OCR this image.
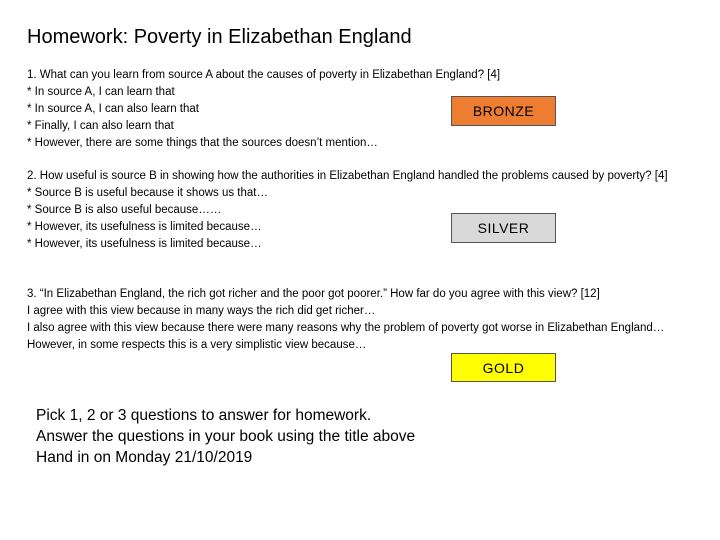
Homework: Poverty in Elizabethan England

1. What can you learn from source A about the causes of poverty in Elizabethan England? [4]

* In source A, I can learn that

* In source A, I can also learn that

* Finally, I can also learn that

* However, there are some things that the sources doesn’t mention…

BRONZE

2. How useful is source B in showing how the authorities in Elizabethan England handled the problems caused by poverty? [4]

* Source B is useful because it shows us that…

* Source B is also useful because……

* However, its usefulness is limited because…

* However, its usefulness is limited because…

SILVER

3. “In Elizabethan England, the rich got richer and the poor got poorer.” How far do you agree with this view? [12]

I agree with this view because in many ways the rich did get richer…

I also agree with this view because there were many reasons why the problem of poverty got worse in Elizabethan England…

However, in some respects this is a very simplistic view because…

GOLD

Pick 1, 2 or 3 questions to answer for homework.

Answer the questions in your book using the title above

Hand in on Monday 21/10/2019
